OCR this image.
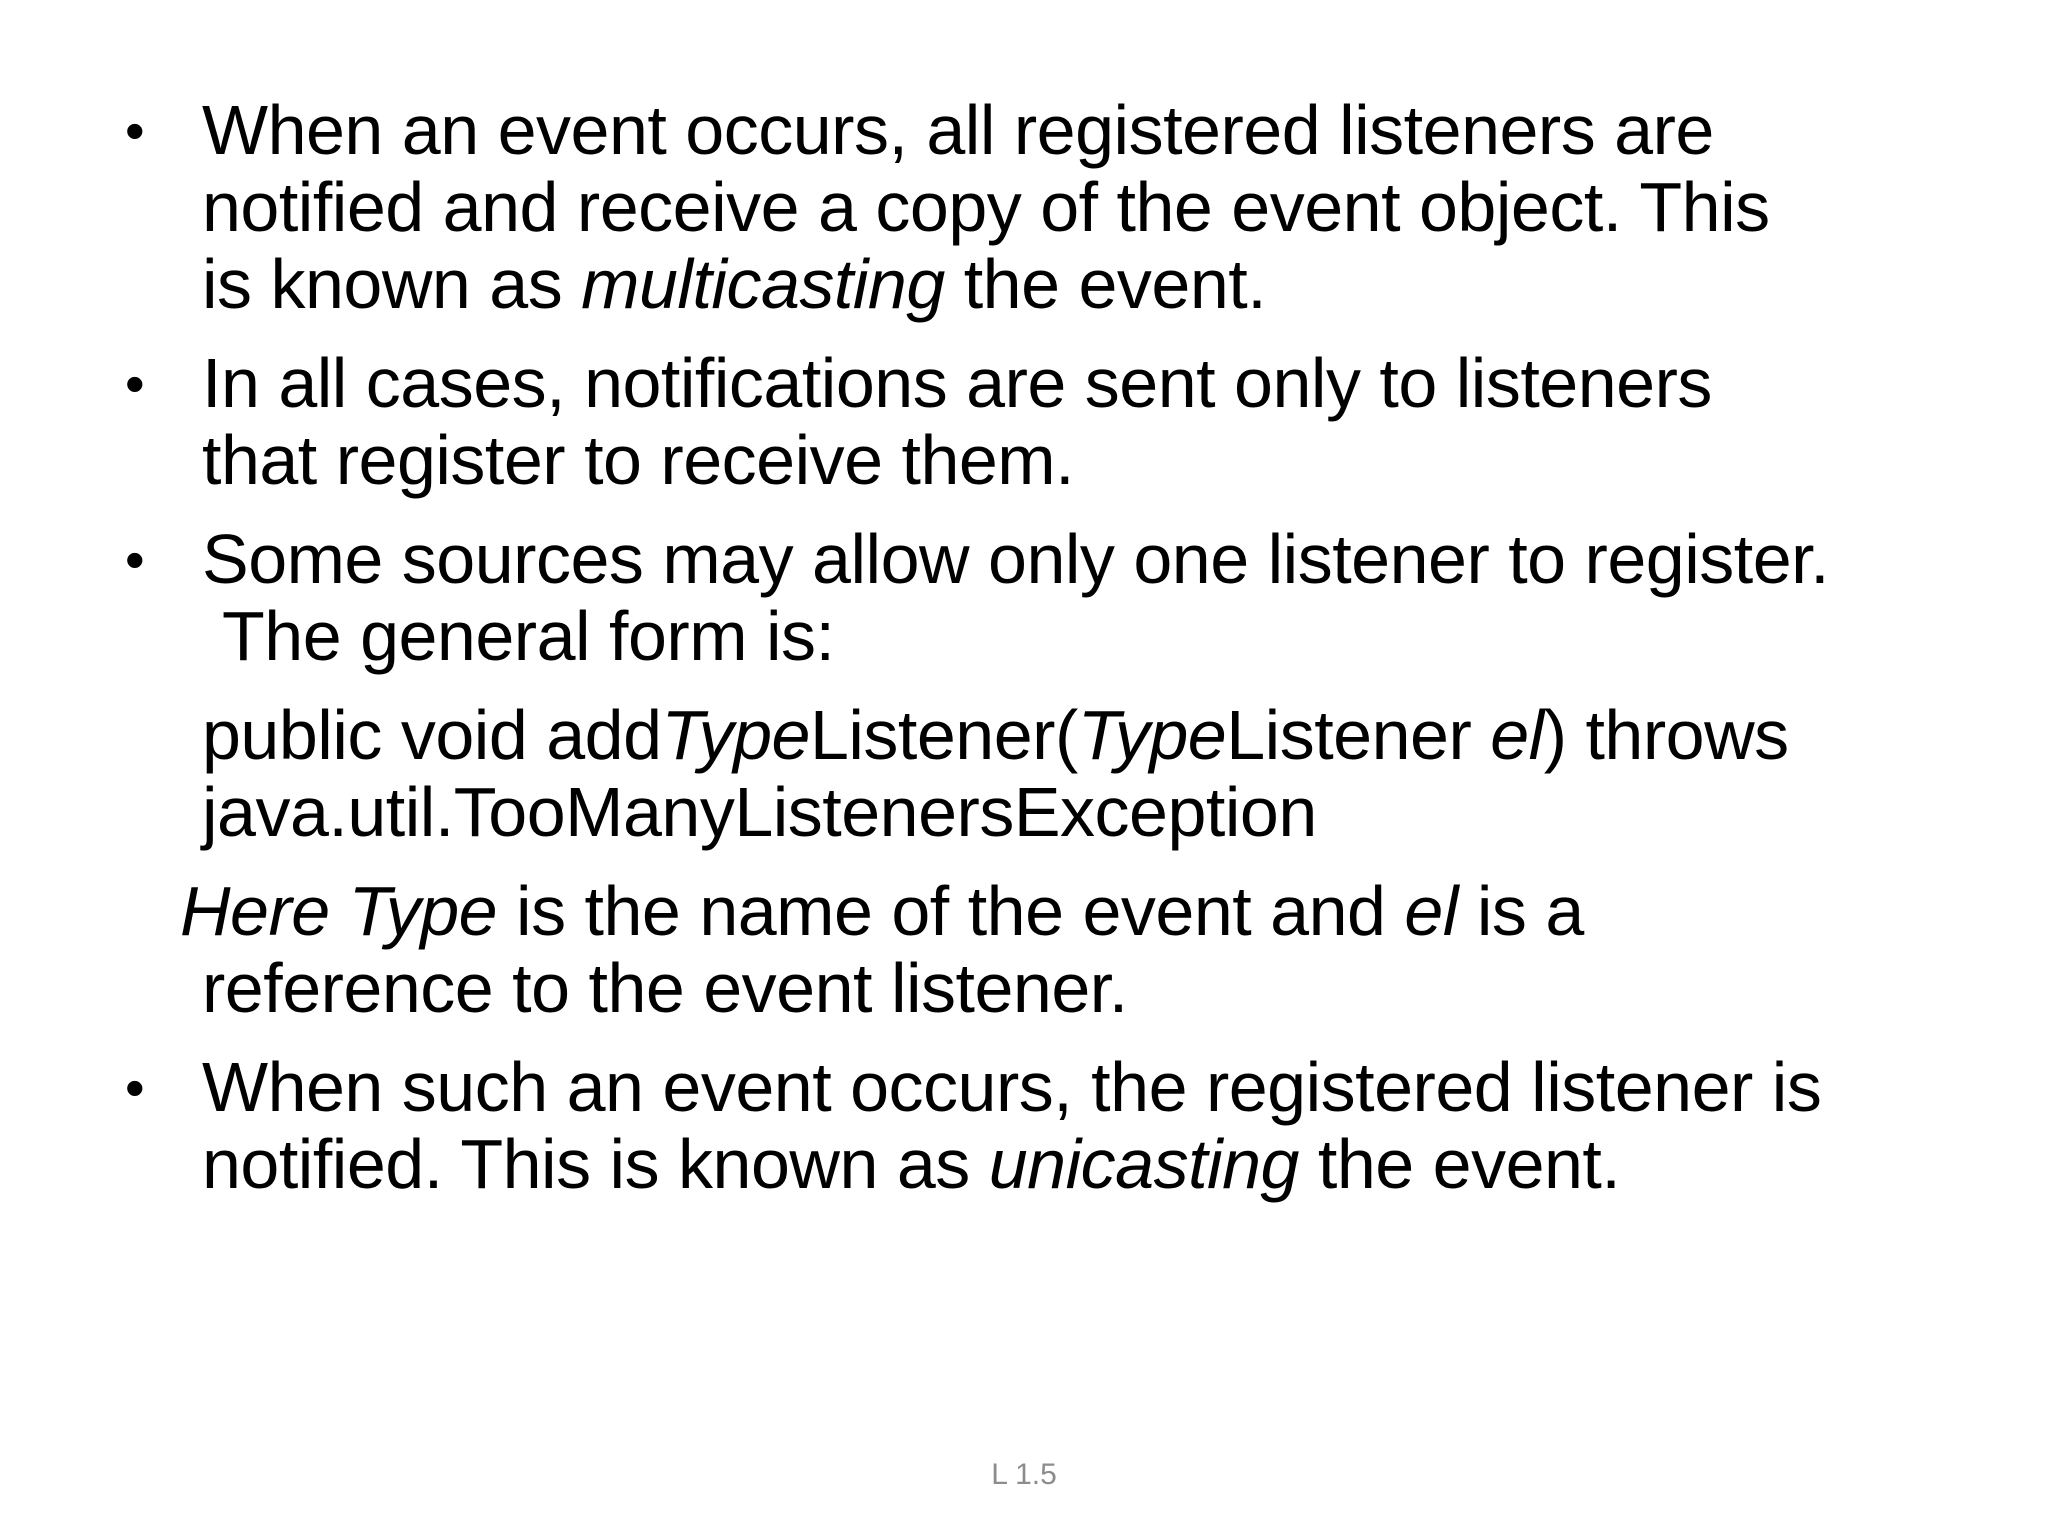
• When an event occurs, all registered listeners are
notified and receive a copy of the event object. This
is known as multicasting the event.
• In all cases, notifications are sent only to listeners
that register to receive them.
• Some sources may allow only one listener to register.
The general form is:
public void addTypeListener(TypeListener el) throws
java.util.TooManyListenersException
Here Type is the name of the event and el is a
reference to the event listener.
• When such an event occurs, the registered listener is
notified. This is known as unicasting the event.
L 1.5
